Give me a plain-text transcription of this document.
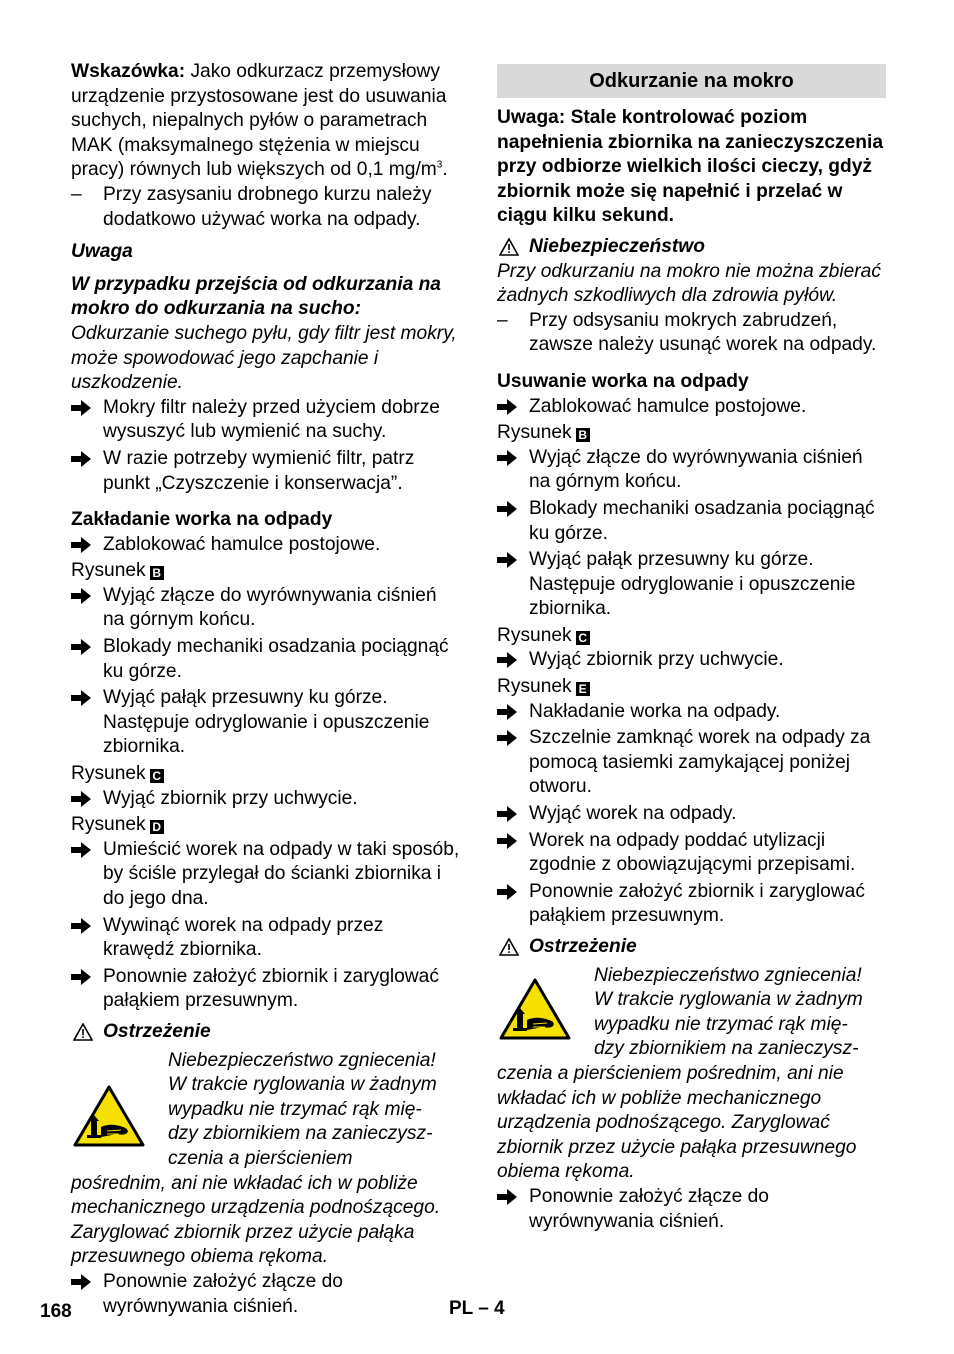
Wskazówka: Jako odkurzacz przemysłowy urządzenie przystosowane jest do usuwania suchych, niepalnych pyłów o parametrach MAK (maksymalnego stężenia w miejscu pracy) równych lub większych od 0,1 $mg/m^3$.

– Przy zasysaniu drobnego kurzu należy dodatkowo używać worka na odpady.

Uwaga

W przypadku przejścia od odkurzania na mokro do odkurzania na sucho:

Odkurzanie suchego pyłu, gdy filtr jest mokry, może spowodować jego zapchanie i uszkodzenie.

Mokry filtr należy przed użyciem dobrze wysuszyć lub wymienić na suchy.
W razie potrzeby wymienić filtr, patrz punkt „Czyszczenie i konserwacja”.

Zakładanie worka na odpady

Zablokować hamulce postojowe.

Rysunek B

Wyjąć złącze do wyrównywania ciśnień na górnym końcu.
Blokady mechaniki osadzania pociągnąć ku górze.
Wyjąć pałąk przesuwny ku górze. Następuje odryglowanie i opuszczenie zbiornika.

Rysunek C

Wyjąć zbiornik przy uchwycie.

Rysunek D

Umieścić worek na odpady w taki sposób, by ściśle przylegał do ścianki zbiornika i do jego dna.
Wywinąć worek na odpady przez krawędź zbiornika.
Ponownie założyć zbiornik i zaryglować pałąkiem przesuwnym.
Ostrzeżenie

Niebezpieczeństwo zgniecenia!

W trakcie ryglowania w żadnym

wypadku nie trzymać rąk mię-

dzy zbiornikiem na zanieczysz-

czenia a pierścieniem

pośrednim, ani nie wkładać ich w pobliże mechanicznego urządzenia podnośzącego. Zaryglować zbiornik przez użycie pałąka przesuwnego obiema rękoma.

Ponownie założyć złącze do wyrównywania ciśnień.
Odkurzanie na mokro

Uwaga: Stale kontrolować poziom napełnienia zbiornika na zanieczyszczenia przy odbiorze wielkich ilości cieczy, gdyż zbiornik może się napełnić i przelać w ciągu kilku sekund.

Niebezpieczeństwo

Przy odkurzaniu na mokro nie można zbierać żadnych szkodliwych dla zdrowia pyłów.

– Przy odsysaniu mokrych zabrudzeń, zawsze należy usunąć worek na odpady.

Usuwanie worka na odpady

Zablokować hamulce postojowe.

Rysunek B

Wyjąć złącze do wyrównywania ciśnień na górnym końcu.
Blokady mechaniki osadzania pociągnąć ku górze.
Wyjąć pałąk przesuwny ku górze. Następuje odryglowanie i opuszczenie zbiornika.

Rysunek C

Wyjąć zbiornik przy uchwycie.

Rysunek E

Nakładanie worka na odpady.
Szczelnie zamknąć worek na odpady za pomocą tasiemki zamykającej poniżej otworu.
Wyjąć worek na odpady.
Worek na odpady poddać utylizacji zgodnie z obowiązującymi przepisami.
Ponownie założyć zbiornik i zaryglować pałąkiem przesuwnym.
Ostrzeżenie

Niebezpieczeństwo zgniecenia!

W trakcie ryglowania w żadnym

wypadku nie trzymać rąk mię-

dzy zbiornikiem na zanieczysz-

czenia a pierścieniem pośrednim, ani nie wkładać ich w pobliże mechanicznego urządzenia podnośzącego. Zaryglować zbiornik przez użycie pałąka przesuwnego obiema rękoma.

Ponownie założyć złącze do wyrównywania ciśnień.
168	PL – 4
